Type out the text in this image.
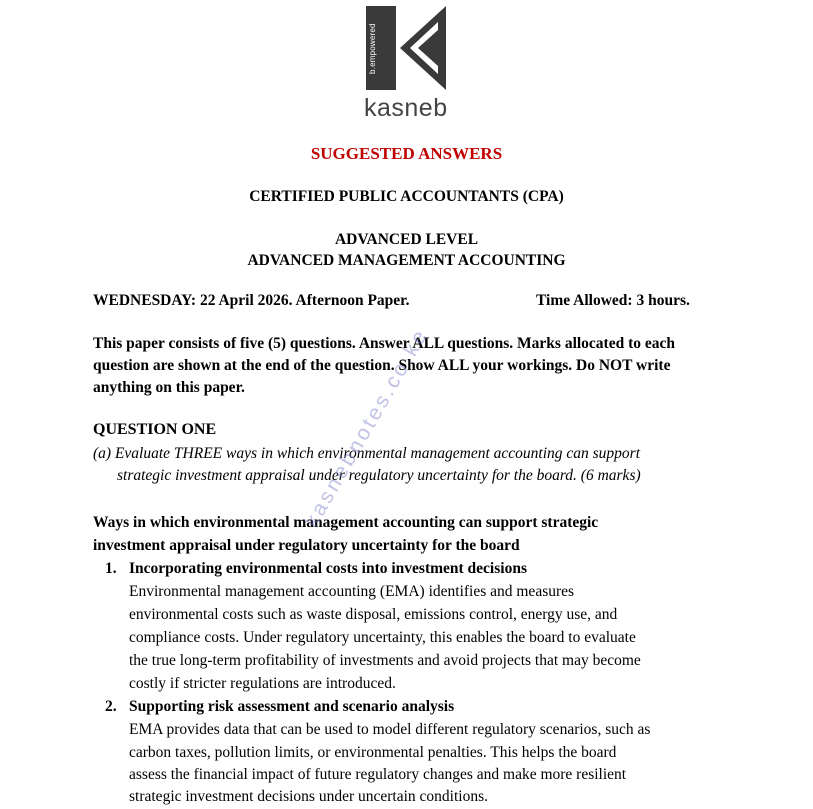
b.empowered
kasneb
SUGGESTED ANSWERS
CERTIFIED PUBLIC ACCOUNTANTS (CPA)
ADVANCED LEVEL
ADVANCED MANAGEMENT ACCOUNTING
WEDNESDAY: 22 April 2026. Afternoon Paper.	Time Allowed: 3 hours.
This paper consists of five (5) questions. Answer ALL questions. Marks allocated to each
question are shown at the end of the question. Show ALL your workings. Do NOT write
anything on this paper.
QUESTION ONE
(a) Evaluate THREE ways in which environmental management accounting can support
strategic investment appraisal under regulatory uncertainty for the board. (6 marks)
Ways in which environmental management accounting can support strategic
investment appraisal under regulatory uncertainty for the board
1. Incorporating environmental costs into investment decisions
Environmental management accounting (EMA) identifies and measures
environmental costs such as waste disposal, emissions control, energy use, and
compliance costs. Under regulatory uncertainty, this enables the board to evaluate
the true long-term profitability of investments and avoid projects that may become
costly if stricter regulations are introduced.
2. Supporting risk assessment and scenario analysis
EMA provides data that can be used to model different regulatory scenarios, such as
carbon taxes, pollution limits, or environmental penalties. This helps the board
assess the financial impact of future regulatory changes and make more resilient
strategic investment decisions under uncertain conditions.
kasnebnotes.co.ke
